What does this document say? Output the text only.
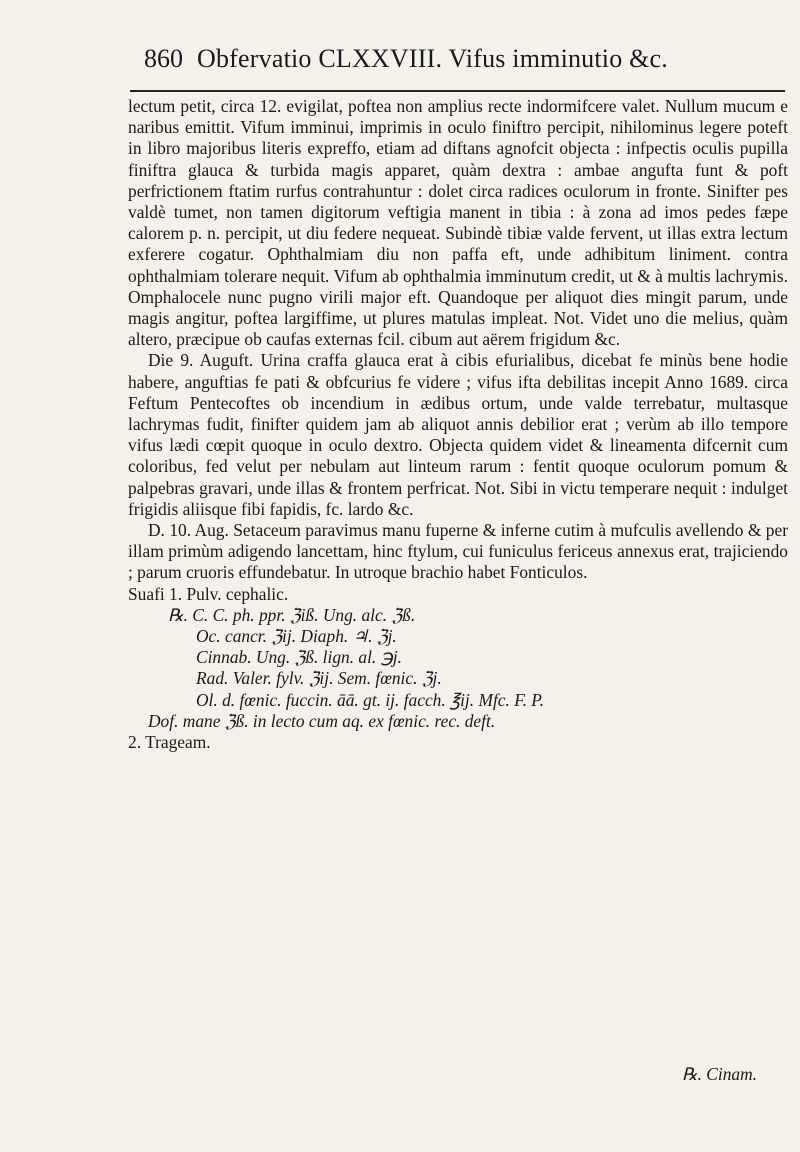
860 Obfervatio CLXXVIII. Vifus imminutio &c.

lectum petit, circa 12. evigilat, poftea non amplius recte indormifcere valet. Nullum mucum e naribus emittit. Vifum imminui, imprimis in oculo finiftro percipit, nihilominus legere poteft in libro majoribus literis expreffo, etiam ad diftans agnofcit objecta : infpectis oculis pupilla finiftra glauca & turbida magis apparet, quàm dextra : ambae angufta funt & poft perfrictionem ftatim rurfus contrahuntur : dolet circa radices oculorum in fronte. Sinifter pes valdè tumet, non tamen digitorum veftigia manent in tibia : à zona ad imos pedes fæpe calorem p. n. percipit, ut diu federe nequeat. Subindè tibiæ valde fervent, ut illas extra lectum exferere cogatur. Ophthalmiam diu non paffa eft, unde adhibitum liniment. contra ophthalmiam tolerare nequit. Vifum ab ophthalmia imminutum credit, ut & à multis lachrymis. Omphalocele nunc pugno virili major eft. Quandoque per aliquot dies mingit parum, unde magis angitur, poftea largiffime, ut plures matulas impleat. Not. Videt uno die melius, quàm altero, præcipue ob caufas externas fcil. cibum aut aërem frigidum &c.

Die 9. Auguft. Urina craffa glauca erat à cibis efurialibus, dicebat fe minùs bene hodie habere, anguftias fe pati & obfcurius fe videre ; vifus ifta debilitas incepit Anno 1689. circa Feftum Pentecoftes ob incendium in ædibus ortum, unde valde terrebatur, multasque lachrymas fudit, finifter quidem jam ab aliquot annis debilior erat ; verùm ab illo tempore vifus lædi cœpit quoque in oculo dextro. Objecta quidem videt & lineamenta difcernit cum coloribus, fed velut per nebulam aut linteum rarum : fentit quoque oculorum pomum & palpebras gravari, unde illas & frontem perfricat. Not. Sibi in victu temperare nequit : indulget frigidis aliisque fibi fapidis, fc. lardo &c.

D. 10. Aug. Setaceum paravimus manu fuperne & inferne cutim à mufculis avellendo & per illam primùm adigendo lancettam, hinc ftylum, cui funiculus fericeus annexus erat, trajiciendo ; parum cruoris effundebatur. In utroque brachio habet Fonticulos.

Suafi 1. Pulv. cephalic.

℞. C. C. ph. ppr. ℨiß. Ung. alc. ℨß.
Oc. cancr. ℨij. Diaph. ♃. ℨj.
Cinnab. Ung. ℨß. lign. al. ℈j.
Rad. Valer. fylv. ℨij. Sem. fœnic. ℨj.
Ol. d. fœnic. fuccin. āā. gt. ij. facch. ℥ij. Mfc. F. P.
Dof. mane ℨß. in lecto cum aq. ex fœnic. rec. deft.
2. Trageam.
℞. Cinam.
